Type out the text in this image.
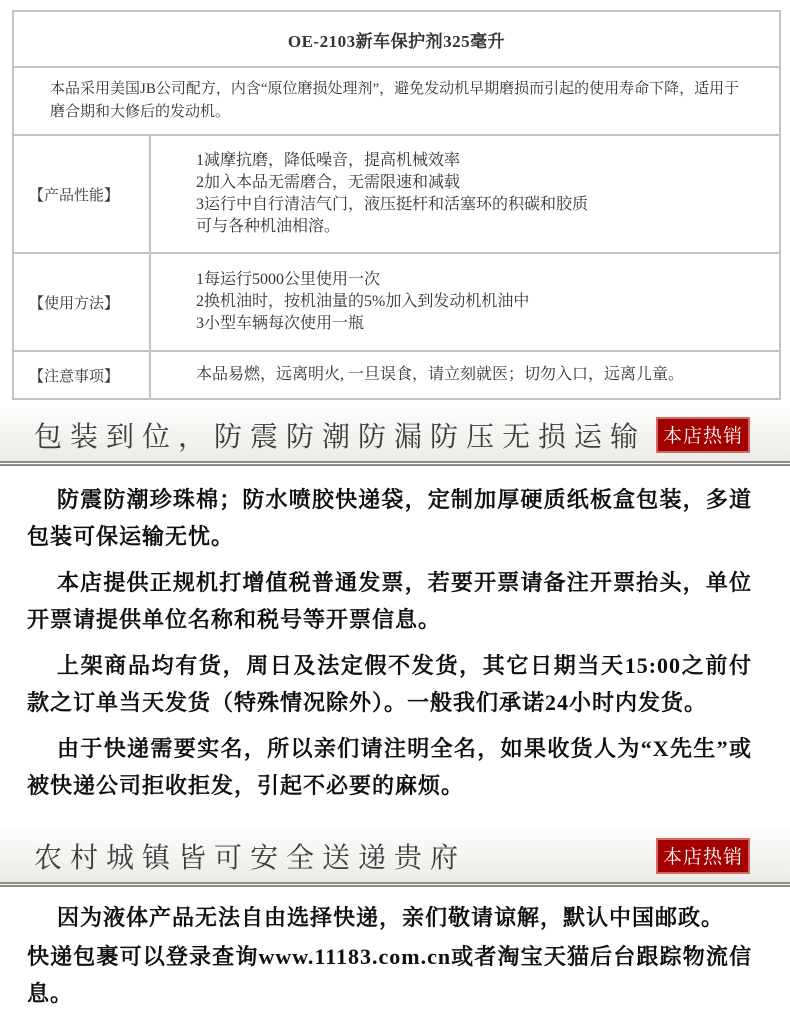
OE-2103新车保护剂325毫升	
本品采用美国JB公司配方，内含“原位磨损处理剂”，避免发动机早期磨损而引起的使用寿命下降，适用于磨合期和大修后的发动机。	
【产品性能】	1减摩抗磨，降低噪音，提高机械效率
2加入本品无需磨合，无需限速和减载
3运行中自行清洁气门，液压挺杆和活塞环的积碳和胶质
可与各种机油相溶。

【使用方法】	1每运行5000公里使用一次
2换机油时，按机油量的5%加入到发动机机油中
3小型车辆每次使用一瓶

【注意事项】	本品易燃，远离明火, 一旦误食，请立刻就医；切勿入口，远离儿童。
包装到位，防震防潮防漏防压无损运输 本店热销

防震防潮珍珠棉；防水喷胶快递袋，定制加厚硬质纸板盒包装，多道包装可保运输无忧。

本店提供正规机打增值税普通发票，若要开票请备注开票抬头，单位开票请提供单位名称和税号等开票信息。

上架商品均有货，周日及法定假不发货，其它日期当天15:00之前付款之订单当天发货（特殊情况除外）。一般我们承诺24小时内发货。

由于快递需要实名，所以亲们请注明全名，如果收货人为“X先生”或被快递公司拒收拒发，引起不必要的麻烦。

农村城镇皆可安全送递贵府	本店热销

因为液体产品无法自由选择快递，亲们敬请谅解，默认中国邮政。

快递包裹可以登录查询www.11183.com.cn或者淘宝天猫后台跟踪物流信息。
